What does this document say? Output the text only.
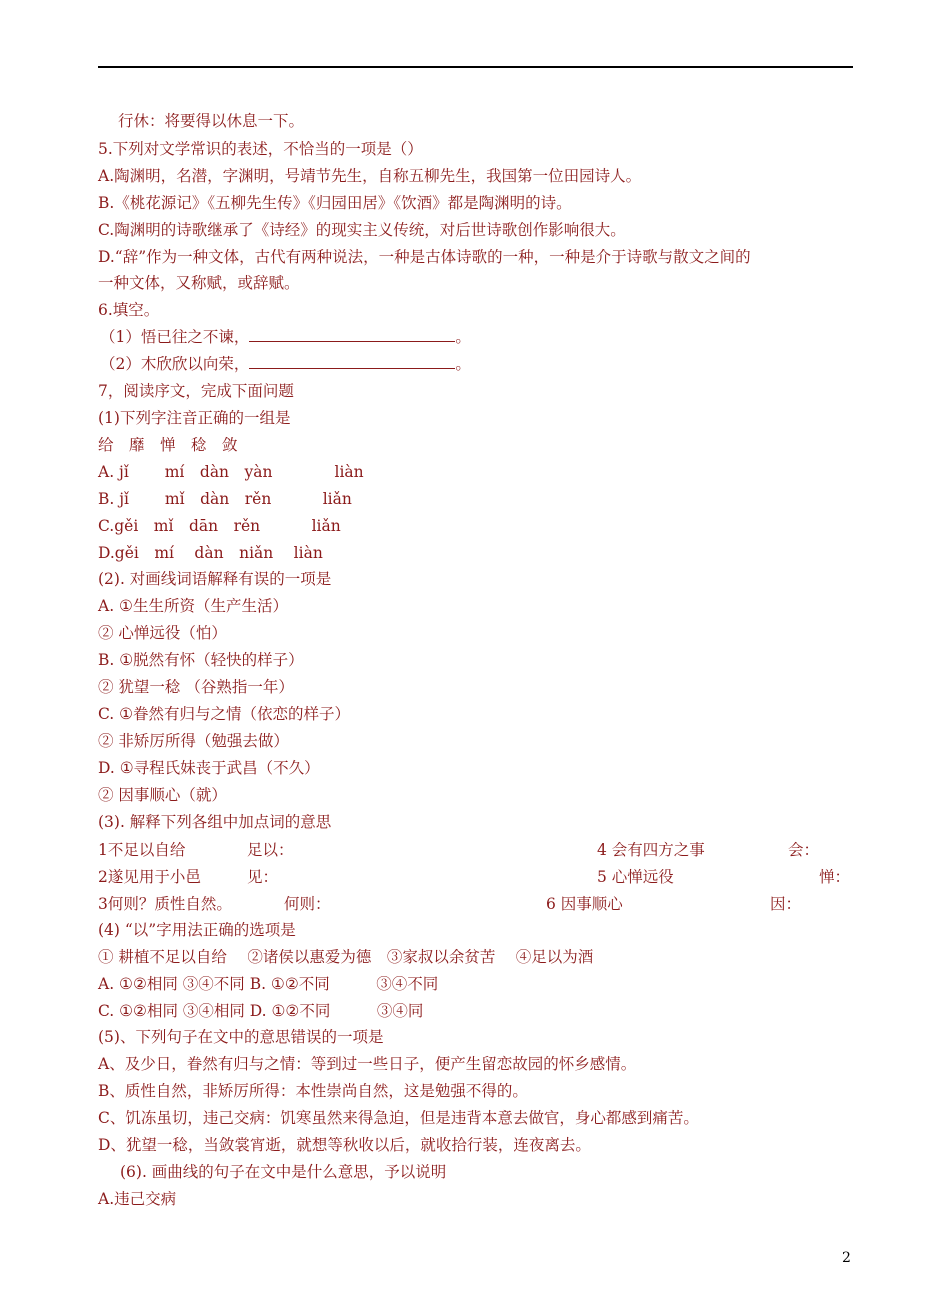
行休：将要得以休息一下。
5.下列对文学常识的表述，不恰当的一项是（）
A.陶渊明，名潜，字渊明，号靖节先生，自称五柳先生，我国第一位田园诗人。
B.《桃花源记》《五柳先生传》《归园田居》《饮酒》都是陶渊明的诗。
C.陶渊明的诗歌继承了《诗经》的现实主义传统，对后世诗歌创作影响很大。
D.“辞”作为一种文体，古代有两种说法，一种是古体诗歌的一种，一种是介于诗歌与散文之间的
一种文体，又称赋，或辞赋。
6.填空。
（1）悟已往之不谏，	。
（2）木欣欣以向荣，	。
7，阅读序文，完成下面问题
(1)下列字注音正确的一组是
给　靡　惮　稔　敛
A. jǐ　　 mí　dàn　yàn　　　　liàn
B. jǐ　　 mǐ　dàn　rěn　　　 liǎn
C.gěi　mǐ　dān　rěn　　　 liǎn
D.gěi　mí　 dàn　niǎn　 liàn
(2). 对画线词语解释有误的一项是
A. ①生生所资（生产生活）
② 心惮远役（怕）
B. ①脱然有怀（轻快的样子）
② 犹望一稔 （谷熟指一年）
C. ①眷然有归与之情（依恋的样子）
② 非矫厉所得（勉强去做）
D. ①寻程氏妹丧于武昌（不久）
② 因事顺心（就）
(3). 解释下列各组中加点词的意思
1不足以自给	足以：	4 会有四方之事	会：
2遂见用于小邑	见：	5 心惮远役	惮：
3何则？质性自然。	何则：	6 因事顺心	因：
(4) “以”字用法正确的选项是
① 耕植不足以自给　 ②诸侯以惠爱为德　③家叔以余贫苦　 ④足以为酒
A. ①②相同 ③④不同 B. ①②不同　　　③④不同
C. ①②相同 ③④相同 D. ①②不同　　　③④同
(5)、下列句子在文中的意思错误的一项是
A、及少日，眷然有归与之情：等到过一些日子，便产生留恋故园的怀乡感情。
B、质性自然，非矫厉所得：本性崇尚自然，这是勉强不得的。
C、饥冻虽切，违己交病：饥寒虽然来得急迫，但是违背本意去做官，身心都感到痛苦。
D、犹望一稔，当敛裳宵逝，就想等秋收以后，就收拾行装，连夜离去。
(6). 画曲线的句子在文中是什么意思，予以说明
A.违己交病
2
